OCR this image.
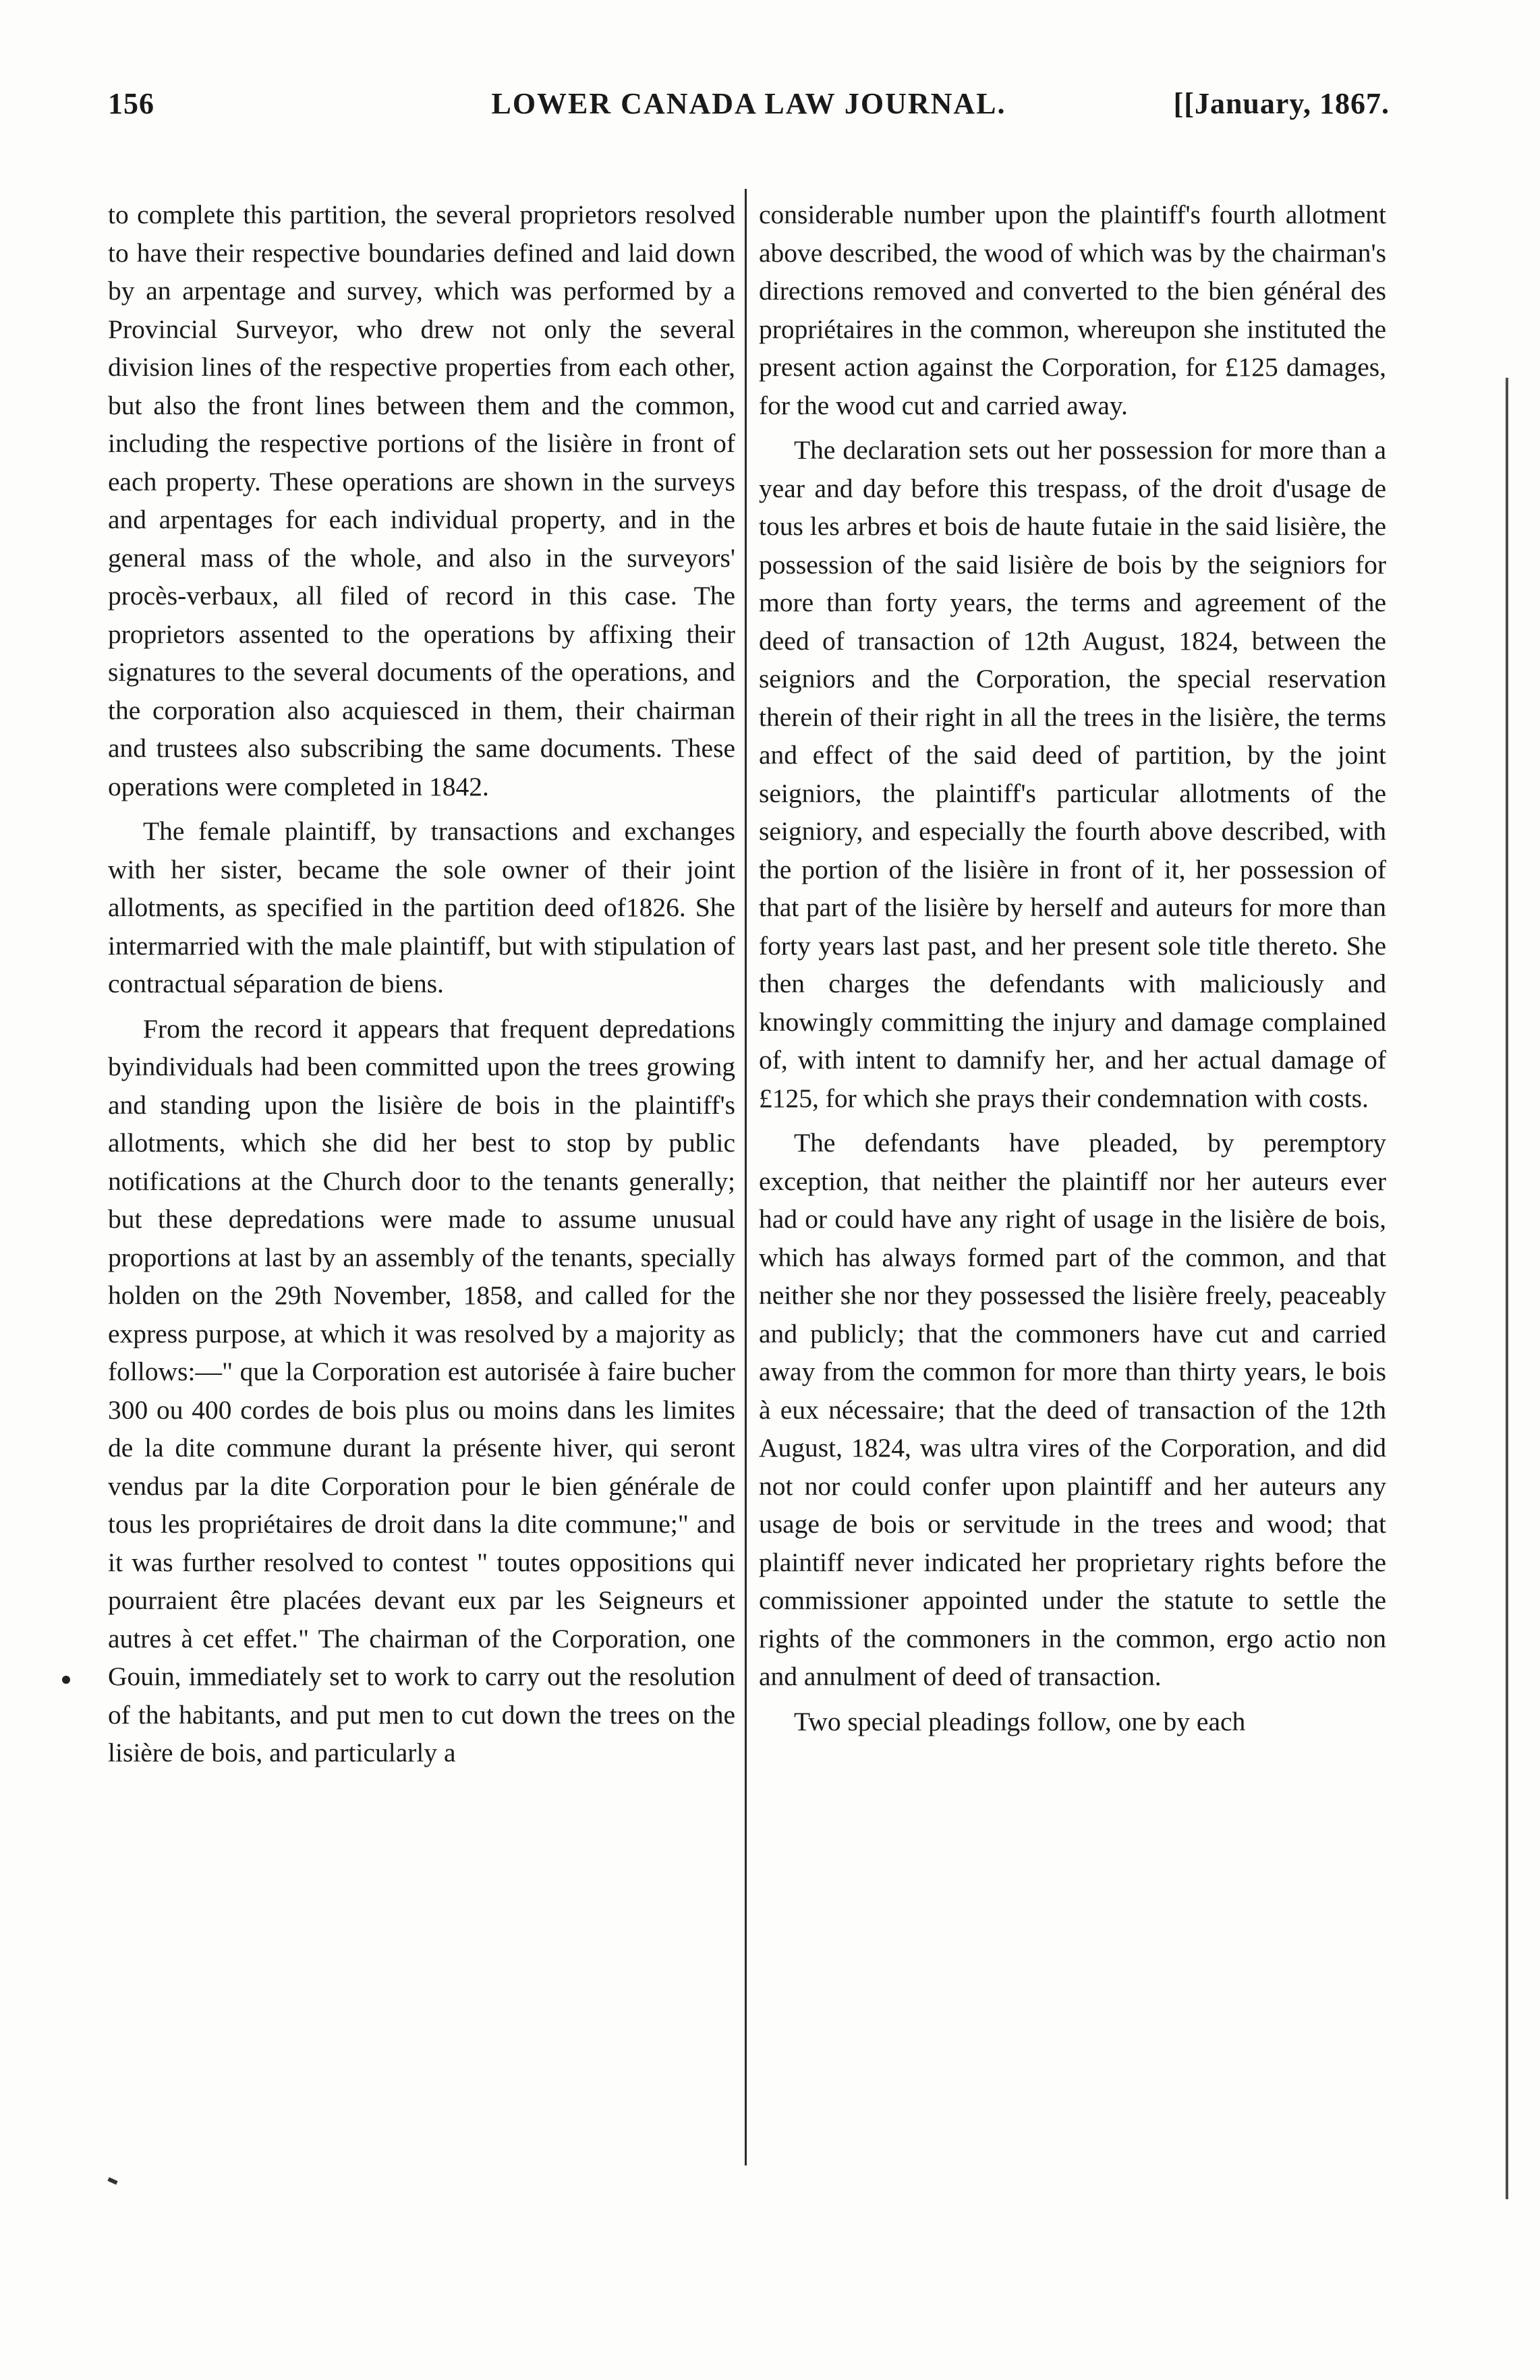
156	LOWER CANADA LAW JOURNAL.	[[January, 1867.

to complete this partition, the several proprietors resolved to have their respective boundaries defined and laid down by an arpentage and survey, which was performed by a Provincial Surveyor, who drew not only the several division lines of the respective properties from each other, but also the front lines between them and the common, including the respective portions of the lisière in front of each property. These operations are shown in the surveys and arpentages for each individual property, and in the general mass of the whole, and also in the surveyors' procès-verbaux, all filed of record in this case. The proprietors assented to the operations by affixing their signatures to the several documents of the operations, and the corporation also acquiesced in them, their chairman and trustees also subscribing the same documents. These operations were completed in 1842.

The female plaintiff, by transactions and exchanges with her sister, became the sole owner of their joint allotments, as specified in the partition deed of1826. She intermarried with the male plaintiff, but with stipulation of contractual séparation de biens.

From the record it appears that frequent depredations byindividuals had been committed upon the trees growing and standing upon the lisière de bois in the plaintiff's allotments, which she did her best to stop by public notifications at the Church door to the tenants generally; but these depredations were made to assume unusual proportions at last by an assembly of the tenants, specially holden on the 29th November, 1858, and called for the express purpose, at which it was resolved by a majority as follows:—" que la Corporation est autorisée à faire bucher 300 ou 400 cordes de bois plus ou moins dans les limites de la dite commune durant la présente hiver, qui seront vendus par la dite Corporation pour le bien générale de tous les propriétaires de droit dans la dite commune;" and it was further resolved to contest " toutes oppositions qui pourraient être placées devant eux par les Seigneurs et autres à cet effet." The chairman of the Corporation, one Gouin, immediately set to work to carry out the resolution of the habitants, and put men to cut down the trees on the lisière de bois, and particularly a

considerable number upon the plaintiff's fourth allotment above described, the wood of which was by the chairman's directions removed and converted to the bien général des propriétaires in the common, whereupon she instituted the present action against the Corporation, for £125 damages, for the wood cut and carried away.

The declaration sets out her possession for more than a year and day before this trespass, of the droit d'usage de tous les arbres et bois de haute futaie in the said lisière, the possession of the said lisière de bois by the seigniors for more than forty years, the terms and agreement of the deed of transaction of 12th August, 1824, between the seigniors and the Corporation, the special reservation therein of their right in all the trees in the lisière, the terms and effect of the said deed of partition, by the joint seigniors, the plaintiff's particular allotments of the seigniory, and especially the fourth above described, with the portion of the lisière in front of it, her possession of that part of the lisière by herself and auteurs for more than forty years last past, and her present sole title thereto. She then charges the defendants with maliciously and knowingly committing the injury and damage complained of, with intent to damnify her, and her actual damage of £125, for which she prays their condemnation with costs.

The defendants have pleaded, by peremptory exception, that neither the plaintiff nor her auteurs ever had or could have any right of usage in the lisière de bois, which has always formed part of the common, and that neither she nor they possessed the lisière freely, peaceably and publicly; that the commoners have cut and carried away from the common for more than thirty years, le bois à eux nécessaire; that the deed of transaction of the 12th August, 1824, was ultra vires of the Corporation, and did not nor could confer upon plaintiff and her auteurs any usage de bois or servitude in the trees and wood; that plaintiff never indicated her proprietary rights before the commissioner appointed under the statute to settle the rights of the commoners in the common, ergo actio non and annulment of deed of transaction.

Two special pleadings follow, one by each
